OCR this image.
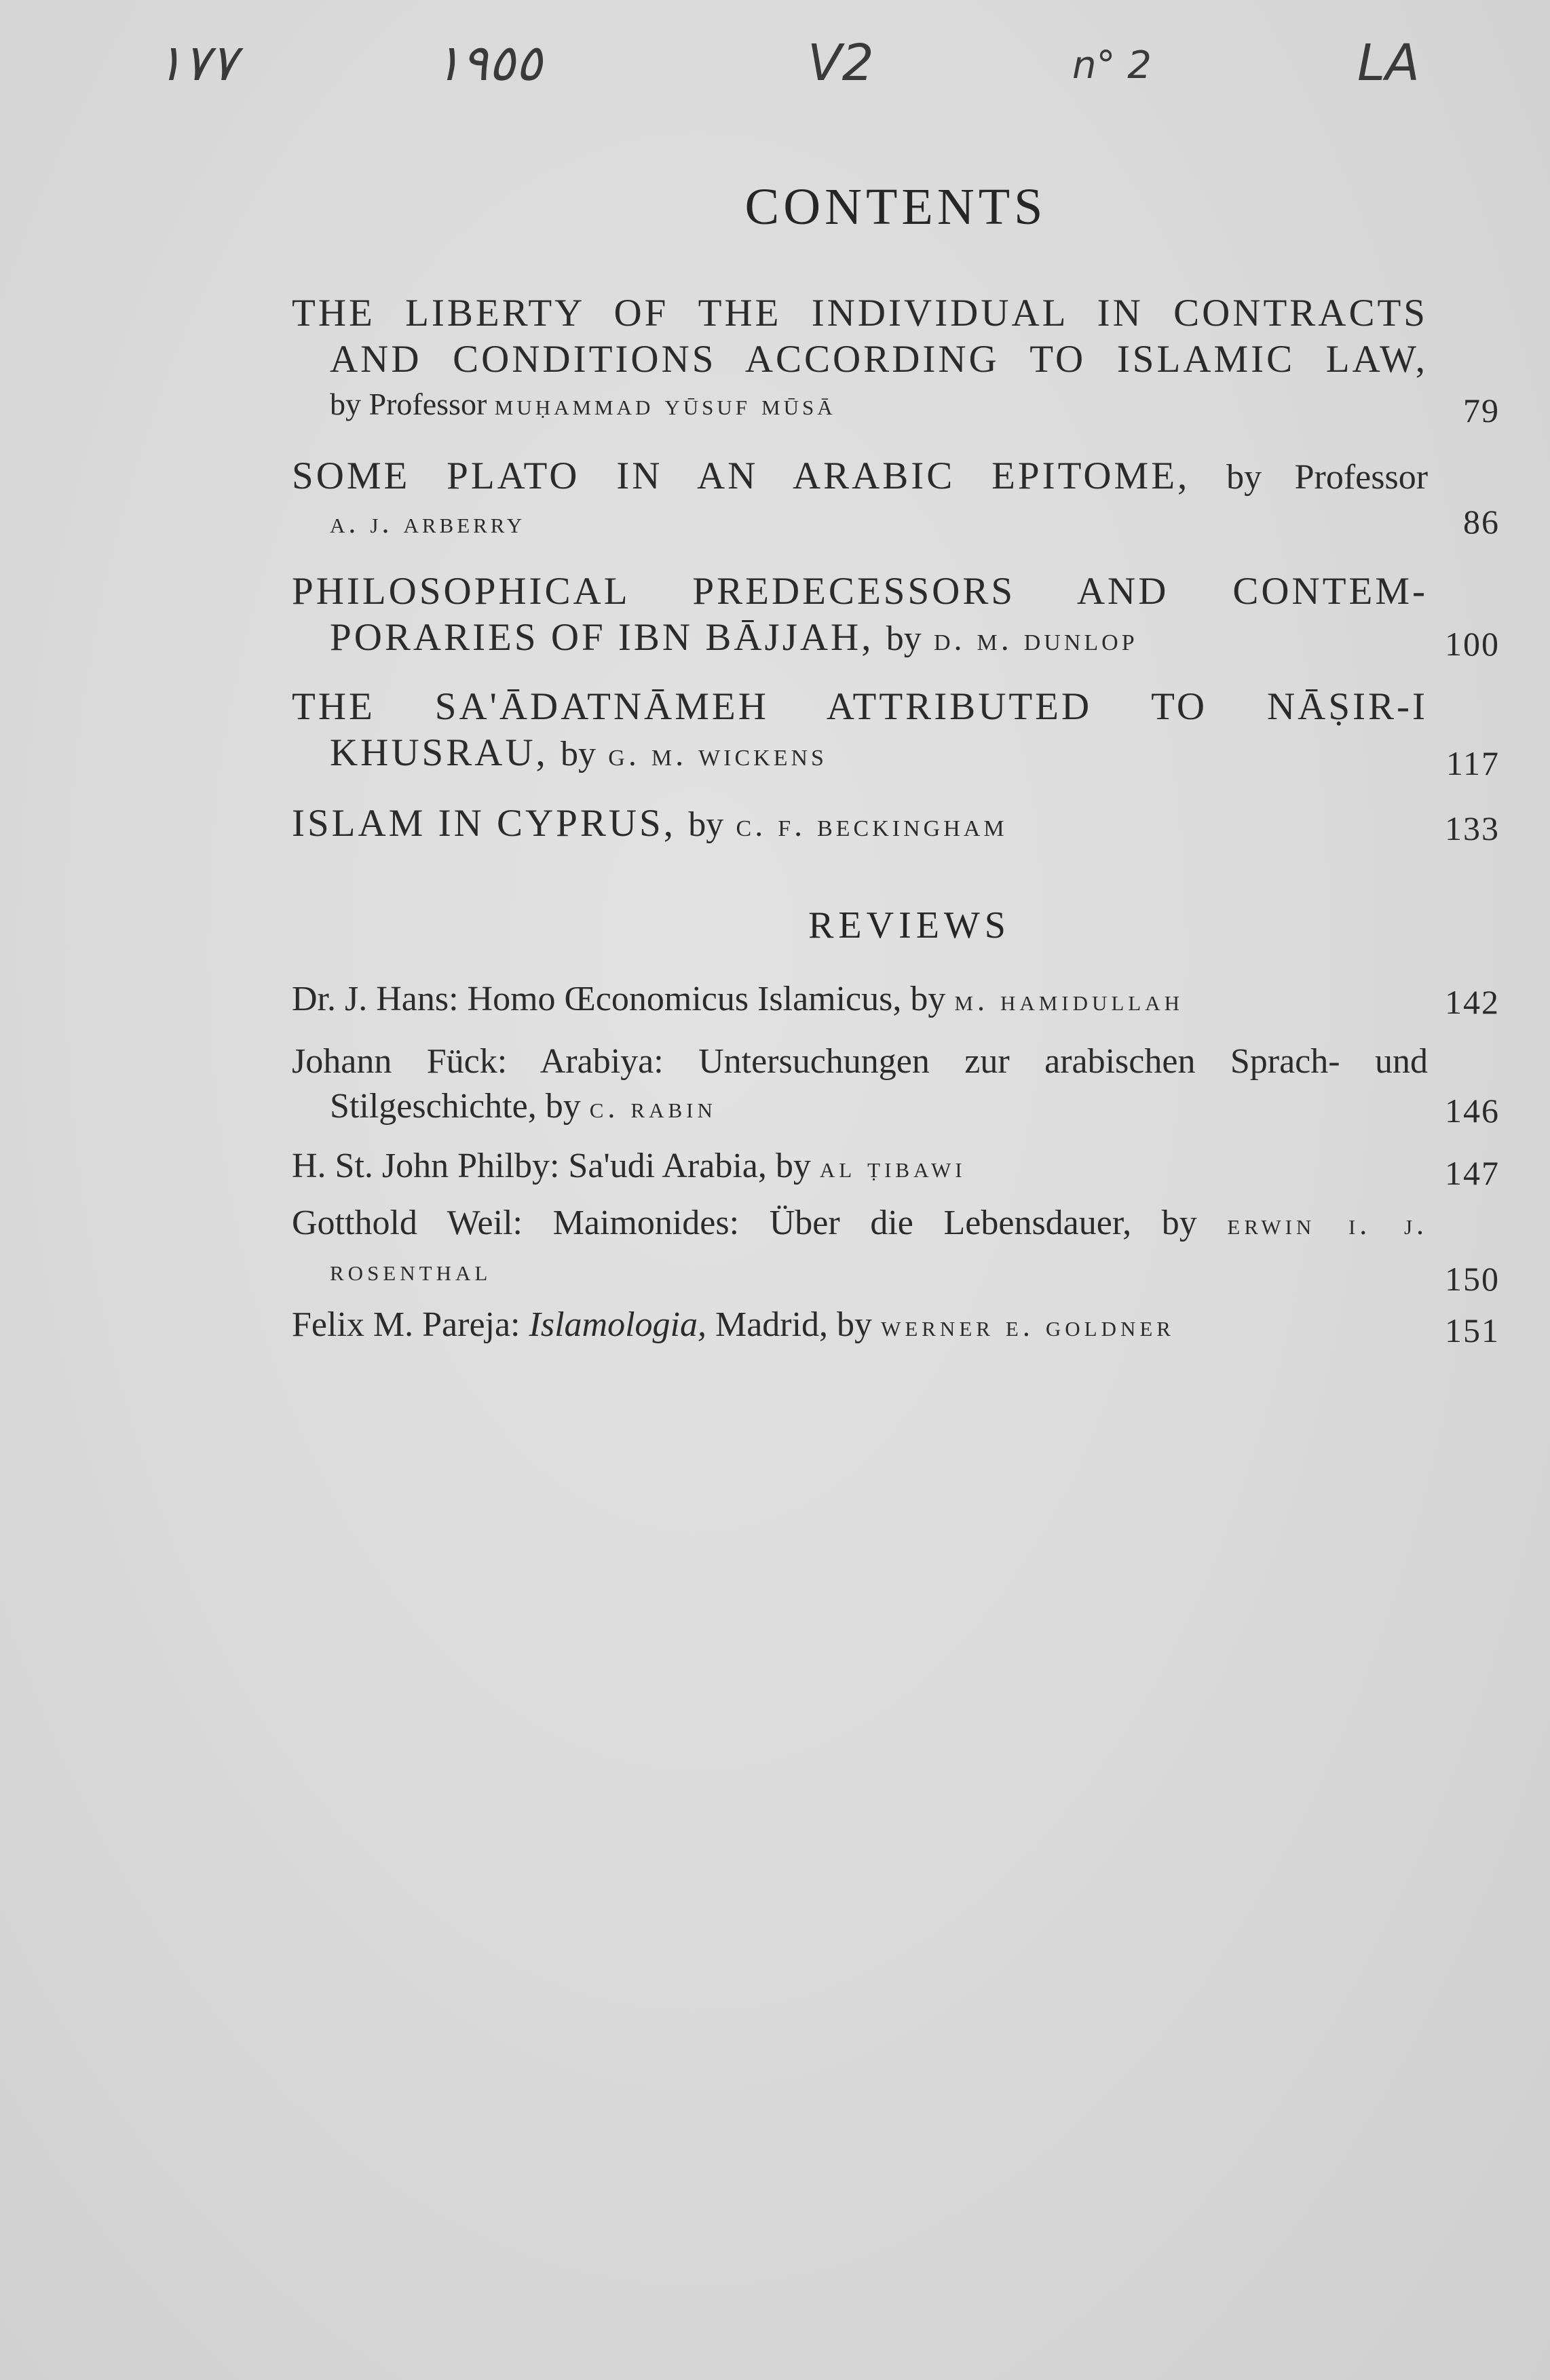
١٧٧	١٩٥٥	V2	n° 2	LA
CONTENTS
THE LIBERTY OF THE INDIVIDUAL IN CONTRACTS
AND CONDITIONS ACCORDING TO ISLAMIC LAW,
by Professor muḥammad yūsuf mūsā	79
SOME PLATO IN AN ARABIC EPITOME, by Professor
a. j. arberry	86
PHILOSOPHICAL PREDECESSORS AND CONTEM-
PORARIES OF IBN BĀJJAH, by d. m. dunlop	100
THE SA'ĀDATNĀMEH ATTRIBUTED TO NĀṢIR-I
KHUSRAU, by g. m. wickens	117
ISLAM IN CYPRUS, by c. f. beckingham	133
REVIEWS
Dr. J. Hans: Homo Œconomicus Islamicus, by m. hamidullah	142
Johann Fück: Arabiya: Untersuchungen zur arabischen Sprach- und
Stilgeschichte, by c. rabin	146
H. St. John Philby: Sa'udi Arabia, by al ṭibawi	147
Gotthold Weil: Maimonides: Über die Lebensdauer, by erwin i. j.
rosenthal	150
Felix M. Pareja: Islamologia, Madrid, by werner e. goldner	151
